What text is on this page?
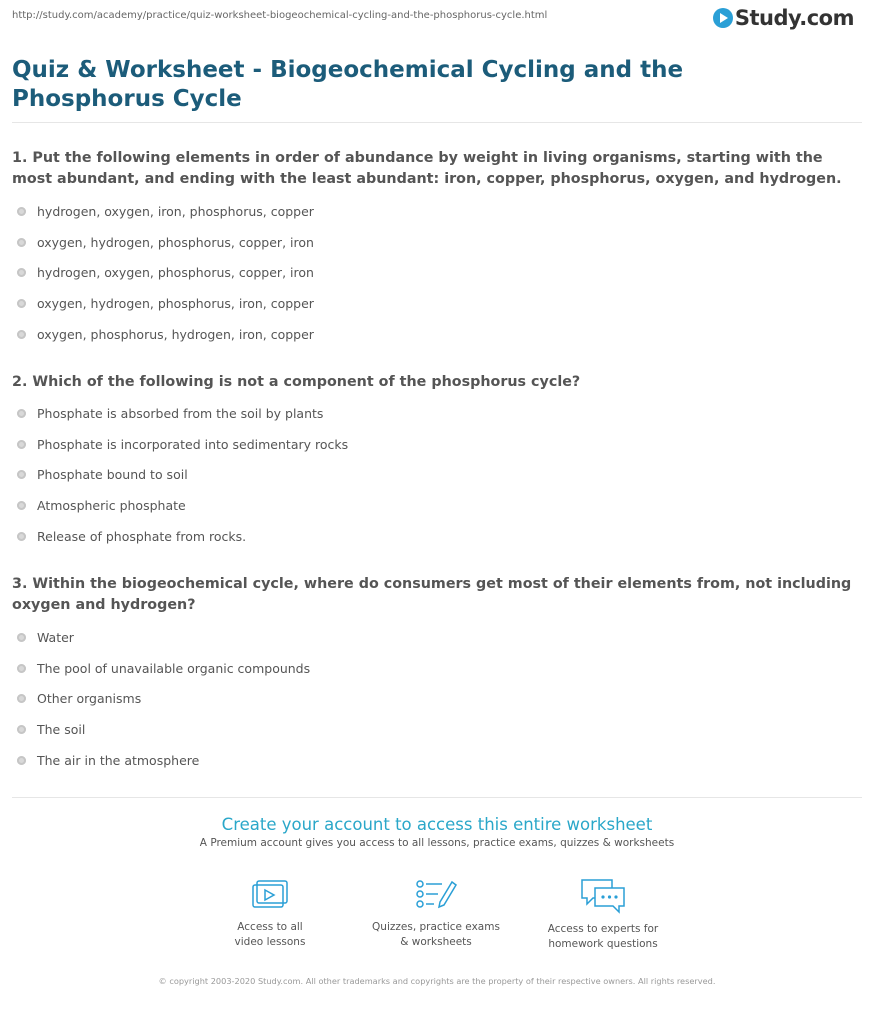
http://study.com/academy/practice/quiz-worksheet-biogeochemical-cycling-and-the-phosphorus-cycle.html	Study.com
Quiz & Worksheet - Biogeochemical Cycling and the Phosphorus Cycle
1. Put the following elements in order of abundance by weight in living organisms, starting with the most abundant, and ending with the least abundant: iron, copper, phosphorus, oxygen, and hydrogen.
hydrogen, oxygen, iron, phosphorus, copper
oxygen, hydrogen, phosphorus, copper, iron
hydrogen, oxygen, phosphorus, copper, iron
oxygen, hydrogen, phosphorus, iron, copper
oxygen, phosphorus, hydrogen, iron, copper
2. Which of the following is not a component of the phosphorus cycle?
Phosphate is absorbed from the soil by plants
Phosphate is incorporated into sedimentary rocks
Phosphate bound to soil
Atmospheric phosphate
Release of phosphate from rocks.
3. Within the biogeochemical cycle, where do consumers get most of their elements from, not including oxygen and hydrogen?
Water
The pool of unavailable organic compounds
Other organisms
The soil
The air in the atmosphere
Create your account to access this entire worksheet
A Premium account gives you access to all lessons, practice exams, quizzes & worksheets
Access to all
video lessons
Quizzes, practice exams
& worksheets
Access to experts for
homework questions
© copyright 2003-2020 Study.com. All other trademarks and copyrights are the property of their respective owners. All rights reserved.
